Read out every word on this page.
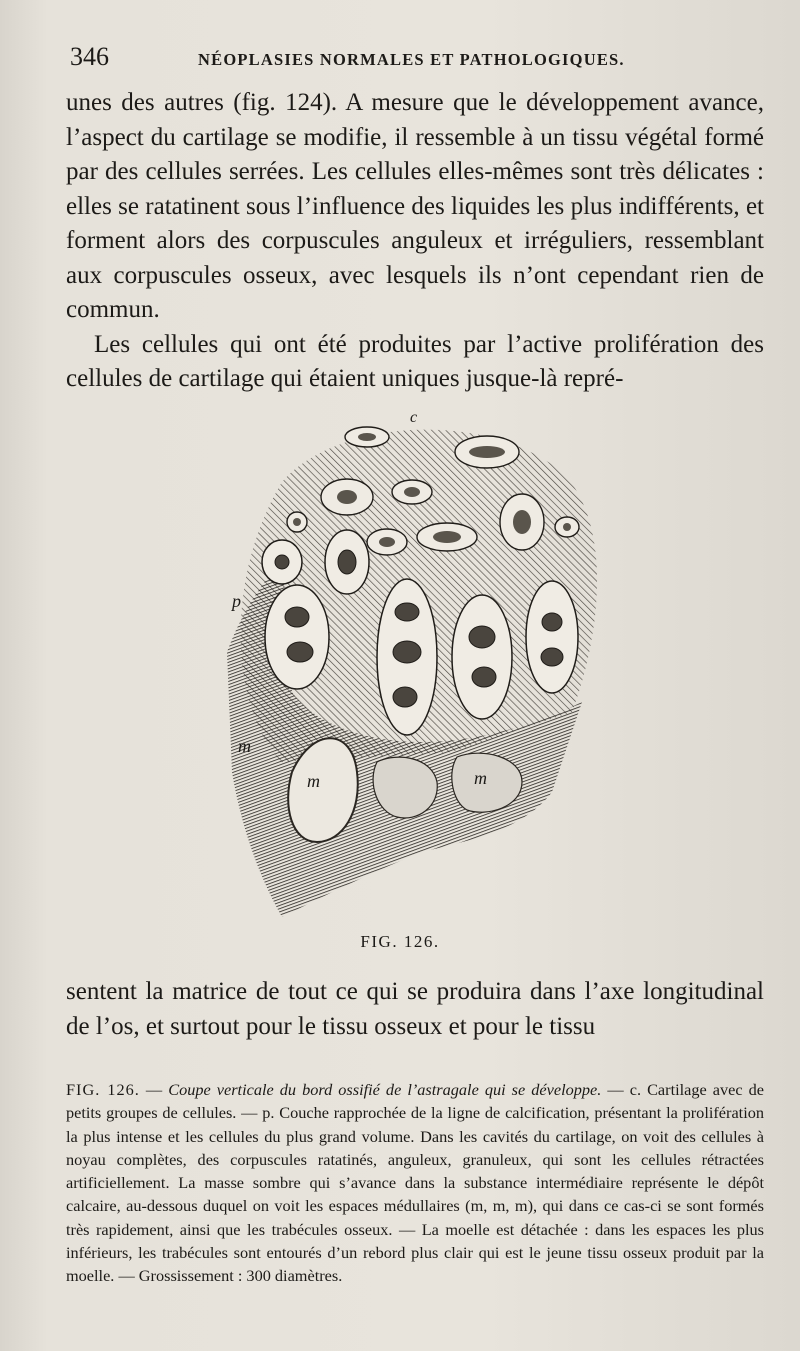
346	NÉOPLASIES NORMALES ET PATHOLOGIQUES.

unes des autres (fig. 124). A mesure que le développement avance, l’aspect du cartilage se modifie, il ressemble à un tissu végétal formé par des cellules serrées. Les cellules elles-mêmes sont très délicates : elles se ratatinent sous l’influence des liquides les plus indifférents, et forment alors des corpuscules anguleux et irréguliers, ressemblant aux corpuscules osseux, avec lesquels ils n’ont cependant rien de commun.

Les cellules qui ont été produites par l’active prolifération des cellules de cartilage qui étaient uniques jusque-là repré-

c
p
m
m	m
FIG. 126.

sentent la matrice de tout ce qui se produira dans l’axe longitudinal de l’os, et surtout pour le tissu osseux et pour le tissu

FIG. 126. — Coupe verticale du bord ossifié de l’astragale qui se développe. — c. Cartilage avec de petits groupes de cellules. — p. Couche rapprochée de la ligne de calcification, présentant la prolifération la plus intense et les cellules du plus grand volume. Dans les cavités du cartilage, on voit des cellules à noyau complètes, des corpuscules ratatinés, anguleux, granuleux, qui sont les cellules rétractées artificiellement. La masse sombre qui s’avance dans la substance intermédiaire représente le dépôt calcaire, au-dessous duquel on voit les espaces médullaires (m, m, m), qui dans ce cas-ci se sont formés très rapidement, ainsi que les trabécules osseux. — La moelle est détachée : dans les espaces les plus inférieurs, les trabécules sont entourés d’un rebord plus clair qui est le jeune tissu osseux produit par la moelle. — Grossissement : 300 diamètres.
